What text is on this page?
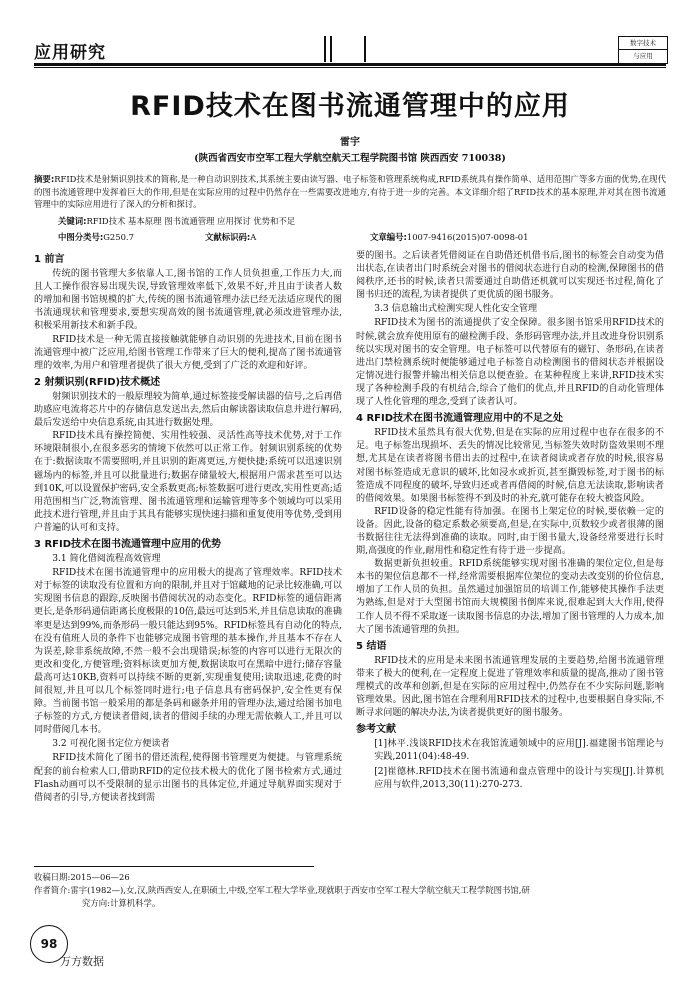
应用研究	数字技术
与应用
RFID技术在图书流通管理中的应用
雷宇
(陕西省西安市空军工程大学航空航天工程学院图书馆 陕西西安 710038)
摘要:RFID技术是射频识别技术的简称,是一种自动识别技术,其系统主要由读写器、电子标签和管理系统构成,RFID系统具有操作简单、适用范围广等多方面的优势,在现代的图书流通管理中发挥着巨大的作用,但是在实际应用的过程中仍然存在一些需要改进地方,有待于进一步的完善。本文详细介绍了RFID技术的基本原理,并对其在图书流通管理中的实际应用进行了深入的分析和探讨。
关键词:RFID技术 基本原理 图书流通管理 应用探讨 优势和不足
中图分类号:G250.7	文献标识码:A	文章编号:1007-9416(2015)07-0098-01
1 前言

传统的图书管理大多依靠人工,图书馆的工作人员负担重,工作压力大,而且人工操作很容易出现失误,导致管理效率低下,效果不好,并且由于读者人数的增加和图书馆规模的扩大,传统的图书流通管理办法已经无法适应现代的图书流通现状和管理要求,要想实现高效的图书流通管理,就必须改进管理办法,积极采用新技术和新手段。

RFID技术是一种无需直接接触就能够自动识别的先进技术,目前在图书流通管理中被广泛应用,给图书管理工作带来了巨大的便利,提高了图书流通管理的效率,为用户和管理者提供了很大方便,受到了广泛的欢迎和好评。

2 射频识别(RFID)技术概述

射频识别技术的一般原理较为简单,通过标签接受解读器的信号,之后再借助感应电流将芯片中的存储信息发送出去,然后由解读器读取信息并进行解码,最后发送给中央信息系统,由其进行数据处理。

RFID技术具有操控简便、实用性较强、灵活性高等技术优势,对于工作环境限制很小,在很多恶劣的情境下依然可以正常工作。射频识别系统的优势在于:数据读取不需要照明,并且识别的距离更远,方便快捷;系统可以迅速识别磁场内的标签,并且可以批量进行;数据存储量较大,根据用户需求甚至可以达到10K,可以设置保护密码,安全系数更高;标签数据可进行更改,实用性更高;适用范围相当广泛,物流管理、图书流通管理和运输管理等多个领域均可以采用此技术进行管理,并且由于其具有能够实现快速扫描和重复使用等优势,受到用户普遍的认可和支持。

3 RFID技术在图书流通管理中应用的优势
3.1 简化借阅流程高效管理

RFID技术在图书流通管理中的应用极大的提高了管理效率。RFID技术对于标签的读取没有位置和方向的限制,并且对于馆藏地的记录比较准确,可以实现图书信息的跟踪,反映图书借阅状况的动态变化。RFID标签的通信距离更长,是条形码通信距离长度极限的10倍,最远可达到5米,并且信息读取的准确率更是达到99%,而条形码一般只能达到95%。RFID标签具有自动化的特点,在没有值班人员的条件下也能够完成图书管理的基本操作,并且基本不存在人为误差,除非系统故障,不然一般不会出现错误;标签的内容可以进行无限次的更改和变化,方便管理;资料标读更加方便,数据读取可在黑暗中进行;储存容量最高可达10KB,资料可以持续不断的更新,实现重复使用;读取迅速,花费的时间很短,并且可以几个标签同时进行;电子信息具有密码保护,安全性更有保障。当前图书馆一般采用的都是条码和磁条并用的管理办法,通过给图书加电子标签的方式,方便读者借阅,读者的借阅手续的办理无需依赖人工,并且可以同时借阅几本书。

3.2 可视化图书定位方便读者

RFID技术简化了图书的借还流程,使得图书管理更为便捷。与管理系统配套的前台检索人口,借助RFID的定位技术极大的优化了图书检索方式,通过Flash动画可以不受限制的显示出图书的具体定位,并通过导航界面实现对于借阅者的引导,方便读者找到需

要的图书。之后读者凭借阅证在自助借还机借书后,图书的标签会自动变为借出状态,在读者出门时系统会对图书的借阅状态进行自动的检测,保障图书的借阅秩序,还书的时候,读者只需要通过自助借还机就可以实现还书过程,简化了图书归还的流程,为读者提供了更优质的图书服务。

3.3 信息输出式检测实现人性化安全管理

RFID技术为图书的流通提供了安全保障。很多图书馆采用RFID技术的时候,就会放弃使用原有的磁检测手段、条形码管理办法,并且改进身份识别系统以实现对图书的安全管理。电子标签可以代替原有的磁钉、条形码,在读者进出门禁检测系统时便能够通过电子标签自动检测图书的借阅状态并根据设定情况进行报警并输出相关信息以便查验。在某种程度上来讲,RFID技术实现了各种检测手段的有机结合,综合了他们的优点,并且RFID的自动化管理体现了人性化管理的理念,受到了读者认可。

4 RFID技术在图书流通管理应用中的不足之处

RFID技术虽然具有很大优势,但是在实际的应用过程中也存在很多的不足。电子标签出现损坏、丢失的情况比较常见,当标签失效时防盗效果则不理想,尤其是在读者将图书借出去的过程中,在读者阅读或者存放的时候,很容易对图书标签造成无意识的破坏,比如浸水或折页,甚至撕毁标签,对于图书的标签造成不同程度的破坏,导致归还或者再借阅的时候,信息无法读取,影响读者的借阅效果。如果图书标签得不到及时的补充,就可能存在较大被盗风险。

RFID设备的稳定性能有待加强。在图书上架定位的时候,要依赖一定的设备。因此,设备的稳定系数必须要高,但是,在实际中,页数较少或者很薄的图书数据往往无法得到准确的读取。同时,由于图书量大,设备经常要进行长时期,高强度的作业,耐用性和稳定性有待于进一步提高。

数据更新负担较重。RFID系统能够实现对图书准确的架位定位,但是每本书的架位信息都不一样,经常需要根据库位架位的变动去改变别的价位信息,增加了工作人员的负担。虽然通过加强馆员的培训工作,能够使其操作手法更为熟练,但是对于大型图书馆而大规模图书倒库来说,很难起到大大作用,使得工作人员不得不采取逐一读取图书信息的办法,增加了图书管理的人力成本,加大了图书流通管理的负担。

5 结语

RFID技术的应用是未来图书流通管理发展的主要趋势,给图书流通管理带来了极大的便利,在一定程度上促进了管理效率和质量的提高,推动了图书管理模式的改革和创新,但是在实际的应用过程中,仍然存在不少实际问题,影响管理效果。因此,图书馆在合理利用RFID技术的过程中,也要根据自身实际,不断寻求问题的解决办法,为读者提供更好的图书服务。

参考文献

[1]林平.浅谈RFID技术在我馆流通领域中的应用[J].福建图书馆理论与实践,2011(04):48-49.

[2]崔德林.RFID技术在图书流通和盘点管理中的设计与实现[J].计算机应用与软件,2013,30(11):270-273.

收稿日期:2015—06—26
作者简介:雷宇(1982—),女,汉,陕西西安人,在职硕士,中级,空军工程大学毕业,现就职于西安市空军工程大学航空航天工程学院图书馆,研
究方向:计算机科学。
98
万方数据
